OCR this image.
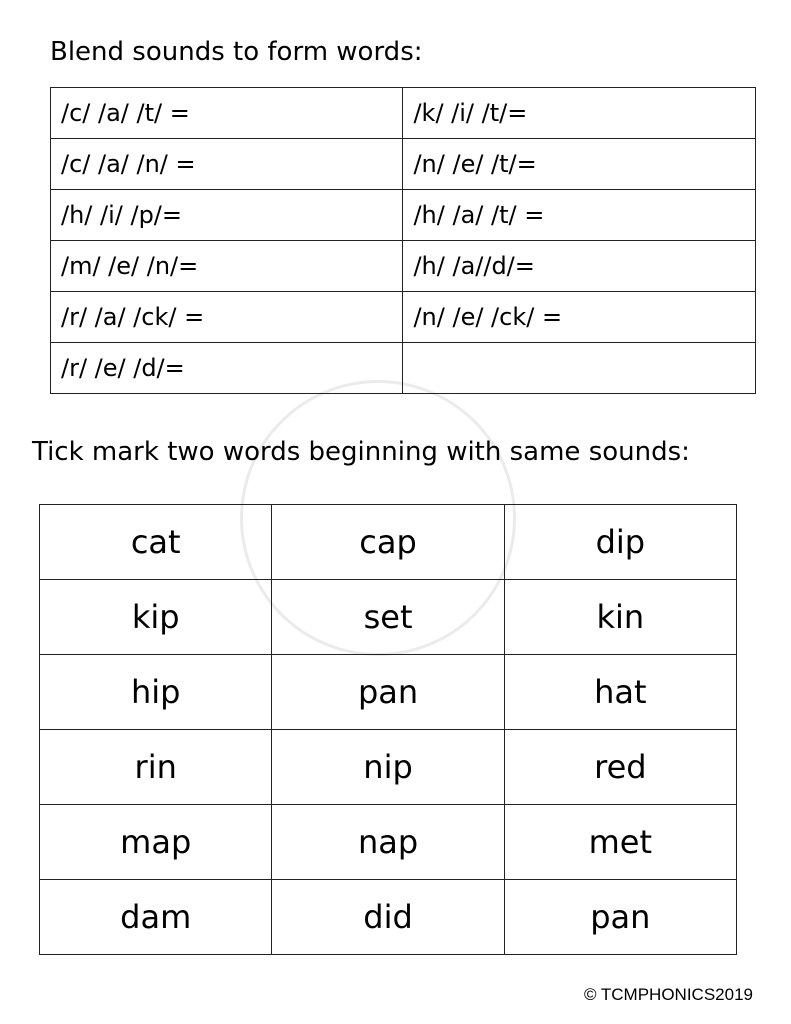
Blend sounds to form words:
/c/ /a/ /t/ =	/k/ /i/ /t/=
/c/ /a/ /n/ =	/n/ /e/ /t/=
/h/ /i/ /p/=	/h/ /a/ /t/ =
/m/ /e/ /n/=	/h/ /a//d/=
/r/ /a/ /ck/ =	/n/ /e/ /ck/ =
/r/ /e/ /d/=	
Tick mark two words beginning with same sounds:
cat	cap	dip
kip	set	kin
hip	pan	hat
rin	nip	red
map	nap	met
dam	did	pan
© TCMPHONICS2019
